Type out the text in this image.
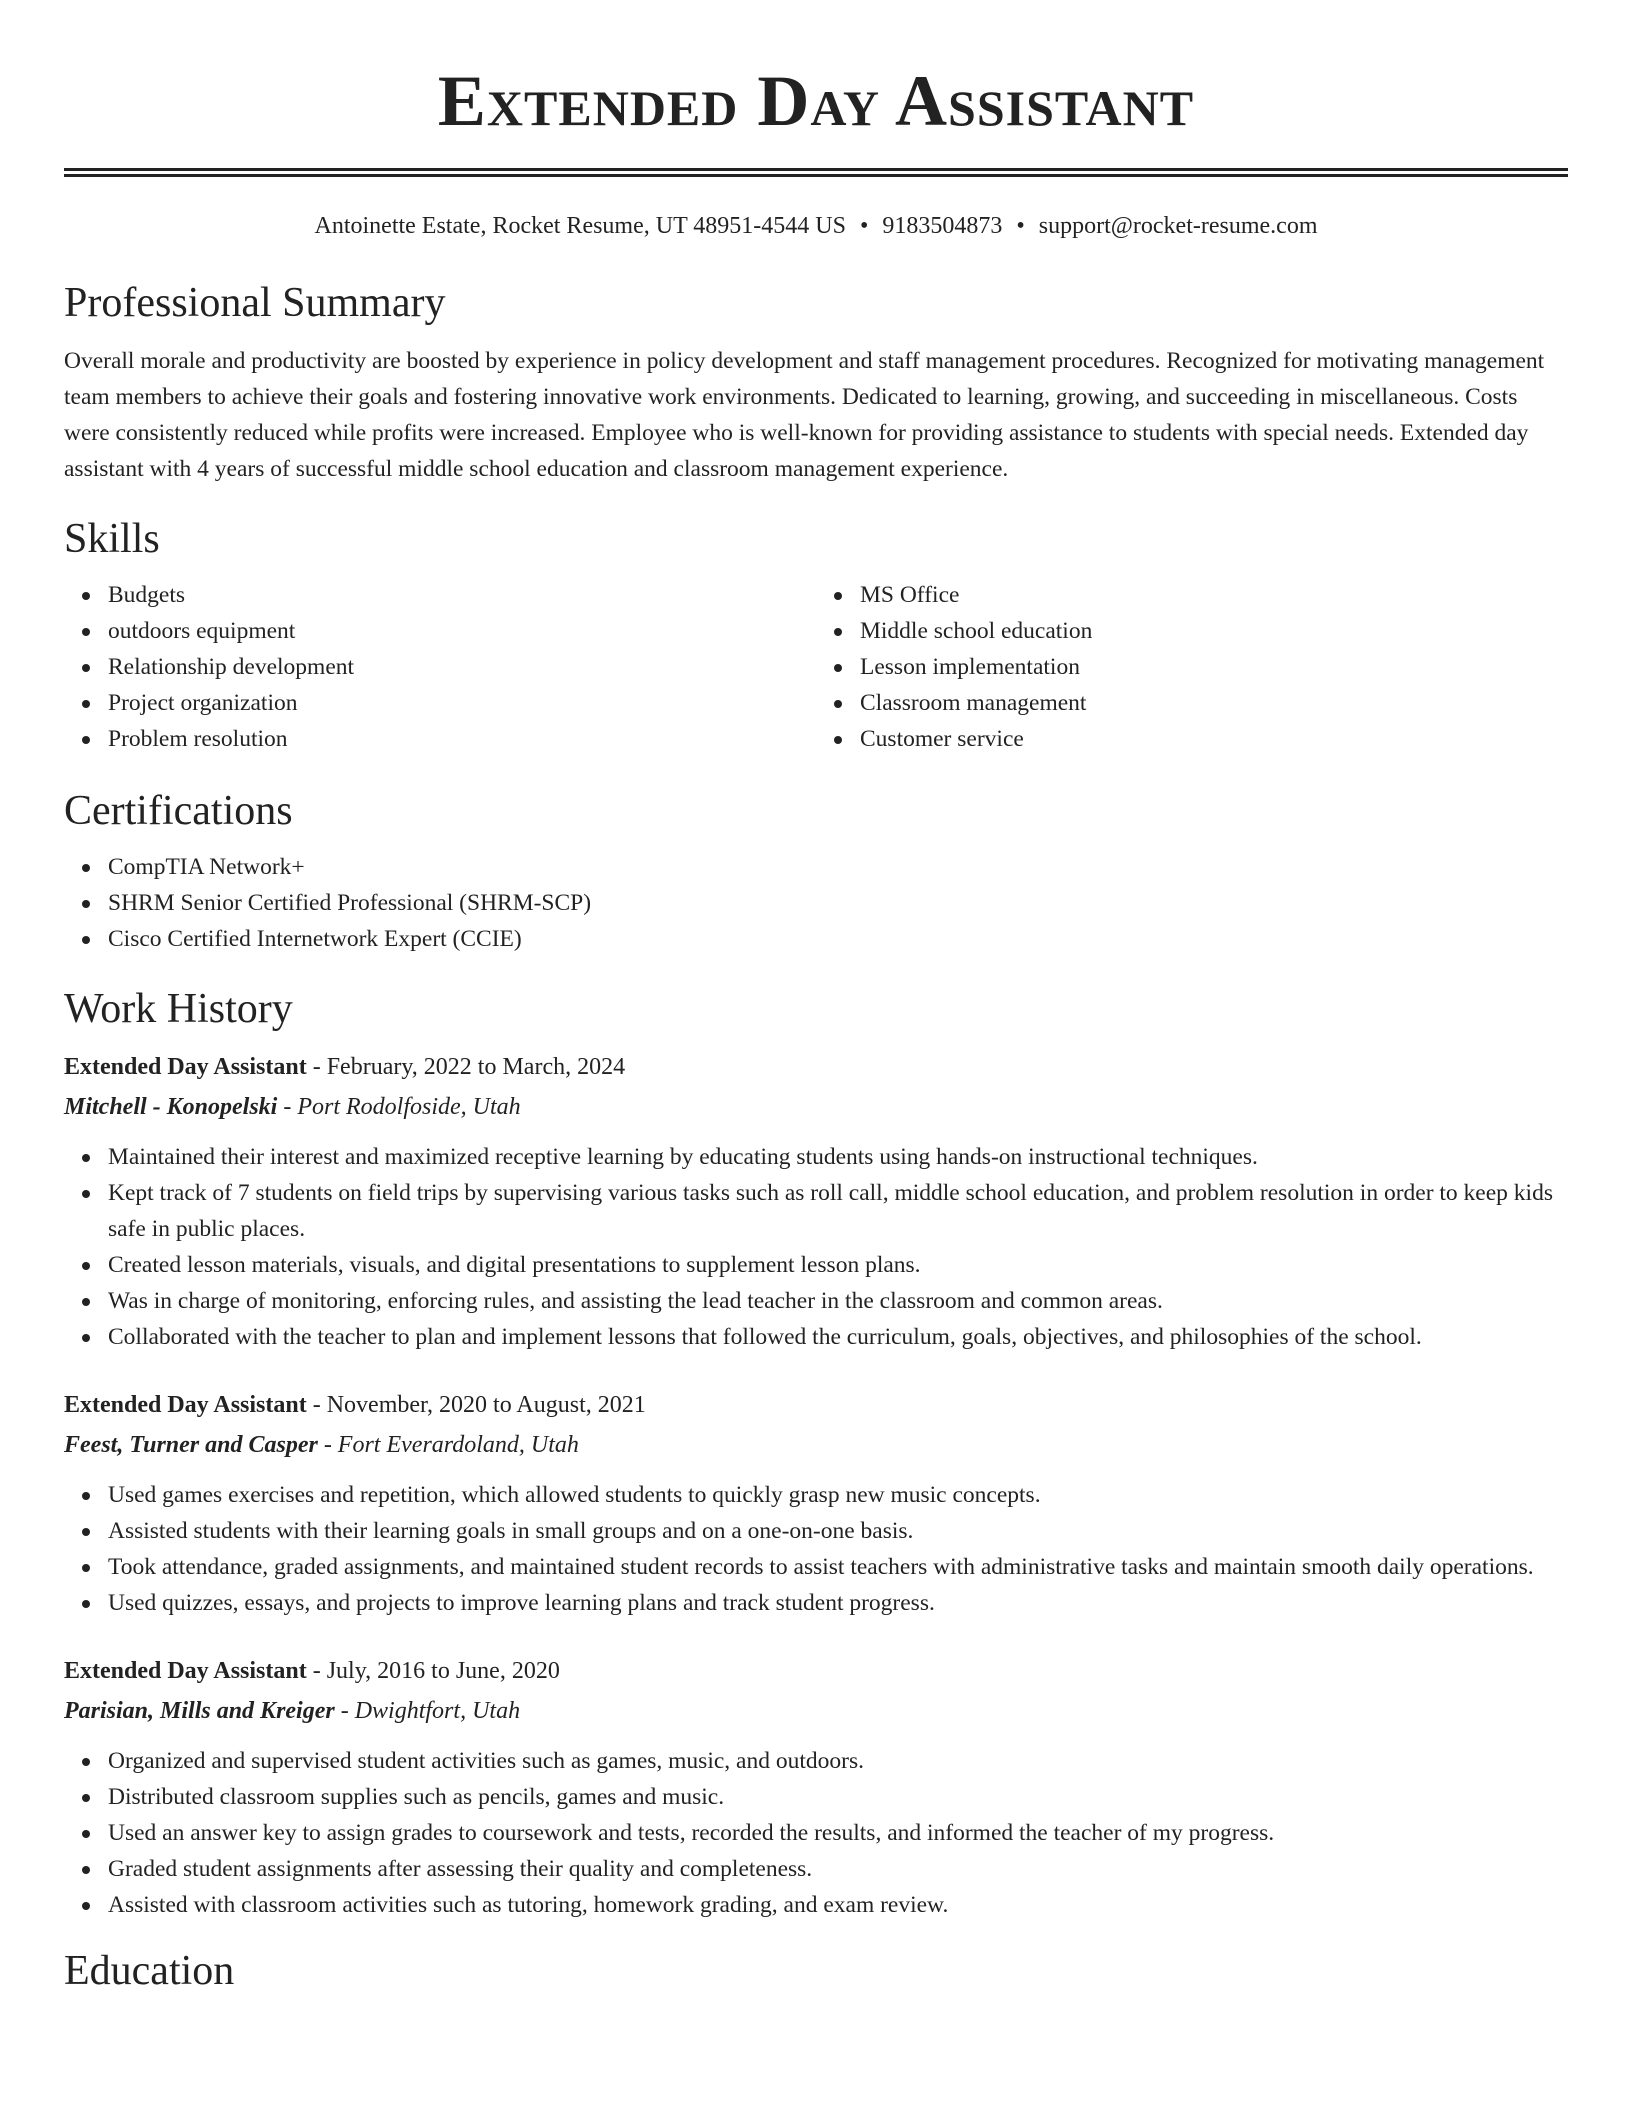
Extended Day Assistant
Antoinette Estate, Rocket Resume, UT 48951-4544 US • 9183504873 • support@rocket-resume.com
Professional Summary

Overall morale and productivity are boosted by experience in policy development and staff management procedures. Recognized for motivating management team members to achieve their goals and fostering innovative work environments. Dedicated to learning, growing, and succeeding in miscellaneous. Costs were consistently reduced while profits were increased. Employee who is well-known for providing assistance to students with special needs. Extended day assistant with 4 years of successful middle school education and classroom management experience.

Skills
Budgets
outdoors equipment
Relationship development
Project organization
Problem resolution
MS Office
Middle school education
Lesson implementation
Classroom management
Customer service
Certifications
CompTIA Network+
SHRM Senior Certified Professional (SHRM-SCP)
Cisco Certified Internetwork Expert (CCIE)
Work History
Extended Day Assistant - February, 2022 to March, 2024
Mitchell - Konopelski - Port Rodolfoside, Utah
Maintained their interest and maximized receptive learning by educating students using hands-on instructional techniques.
Kept track of 7 students on field trips by supervising various tasks such as roll call, middle school education, and problem resolution in order to keep kids safe in public places.
Created lesson materials, visuals, and digital presentations to supplement lesson plans.
Was in charge of monitoring, enforcing rules, and assisting the lead teacher in the classroom and common areas.
Collaborated with the teacher to plan and implement lessons that followed the curriculum, goals, objectives, and philosophies of the school.
Extended Day Assistant - November, 2020 to August, 2021
Feest, Turner and Casper - Fort Everardoland, Utah
Used games exercises and repetition, which allowed students to quickly grasp new music concepts.
Assisted students with their learning goals in small groups and on a one-on-one basis.
Took attendance, graded assignments, and maintained student records to assist teachers with administrative tasks and maintain smooth daily operations.
Used quizzes, essays, and projects to improve learning plans and track student progress.
Extended Day Assistant - July, 2016 to June, 2020
Parisian, Mills and Kreiger - Dwightfort, Utah
Organized and supervised student activities such as games, music, and outdoors.
Distributed classroom supplies such as pencils, games and music.
Used an answer key to assign grades to coursework and tests, recorded the results, and informed the teacher of my progress.
Graded student assignments after assessing their quality and completeness.
Assisted with classroom activities such as tutoring, homework grading, and exam review.
Education
